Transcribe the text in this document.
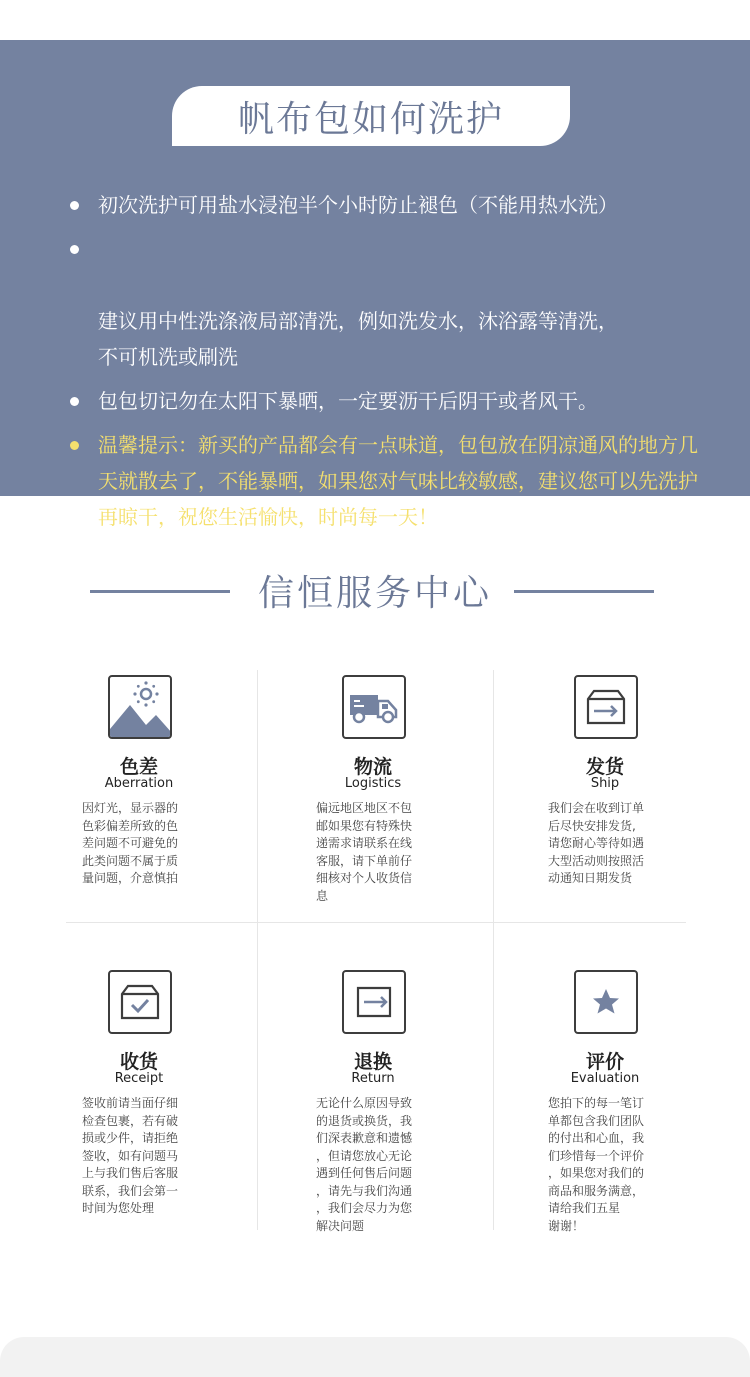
帆布包如何洗护
初次洗护可用盐水浸泡半个小时防止褪色（不能用热水洗）

建议用中性洗涤液局部清洗，例如洗发水，沐浴露等清洗，
不可机洗或刷洗

包包切记勿在太阳下暴晒，一定要沥干后阴干或者风干。
温馨提示：新买的产品都会有一点味道，包包放在阴凉通风的地方几天就散去了，不能暴晒，如果您对气味比较敏感，建议您可以先洗护再晾干，祝您生活愉快，时尚每一天！
信恒服务中心
色差
Aberration
因灯光，显示器的
色彩偏差所致的色
差问题不可避免的
此类问题不属于质
量问题，介意慎拍
物流
Logistics
偏远地区地区不包
邮如果您有特殊快
递需求请联系在线
客服，请下单前仔
细核对个人收货信
息
发货
Ship
我们会在收到订单
后尽快安排发货,
请您耐心等待如遇
大型活动则按照活
动通知日期发货
收货
Receipt
签收前请当面仔细
检查包裹，若有破
损或少件，请拒绝
签收，如有问题马
上与我们售后客服
联系，我们会第一
时间为您处理
退换
Return
无论什么原因导致
的退货或换货，我
们深表歉意和遗憾
，但请您放心无论
遇到任何售后问题
，请先与我们沟通
，我们会尽力为您
解决问题
评价
Evaluation
您拍下的每一笔订
单都包含我们团队
的付出和心血，我
们珍惜每一个评价
，如果您对我们的
商品和服务满意，
请给我们五星
谢谢！
